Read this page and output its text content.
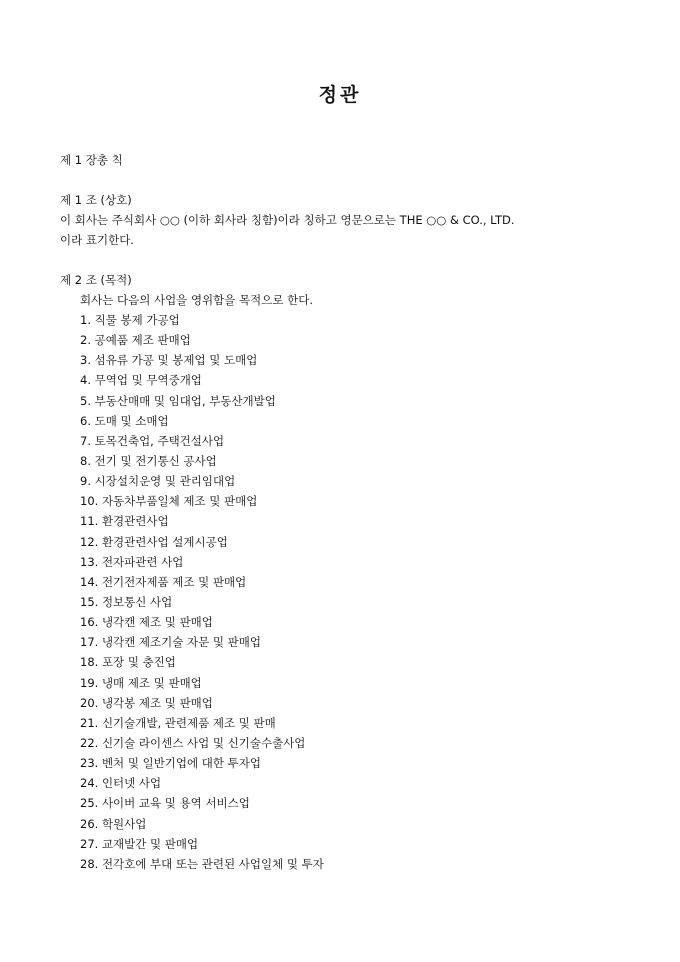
정관
제 1 장총 칙
제 1 조 (상호)
이 회사는 주식회사 ○○ (이하 회사라 칭함)이라 칭하고 영문으로는 THE ○○ & CO., LTD.
이라 표기한다.
제 2 조 (목적)
회사는 다음의 사업을 영위함을 목적으로 한다.
1. 직물 봉제 가공업
2. 공예품 제조 판매업
3. 섬유류 가공 및 봉제업 및 도매업
4. 무역업 및 무역중개업
5. 부동산매매 및 임대업, 부동산개발업
6. 도매 및 소매업
7. 토목건축업, 주택건설사업
8. 전기 및 전기통신 공사업
9. 시장설치운영 및 관리임대업
10. 자동차부품일체 제조 및 판매업
11. 환경관련사업
12. 환경관련사업 설계시공업
13. 전자파관련 사업
14. 전기전자제품 제조 및 판매업
15. 정보통신 사업
16. 냉각캔 제조 및 판매업
17. 냉각캔 제조기술 자문 및 판매업
18. 포장 및 충진업
19. 냉매 제조 및 판매업
20. 냉각봉 제조 및 판매업
21. 신기술개발, 관련제품 제조 및 판매
22. 신기술 라이센스 사업 및 신기술수출사업
23. 벤처 및 일반기업에 대한 투자업
24. 인터넷 사업
25. 사이버 교육 및 용역 서비스업
26. 학원사업
27. 교재발간 및 판매업
28. 전각호에 부대 또는 관련된 사업일체 및 투자
